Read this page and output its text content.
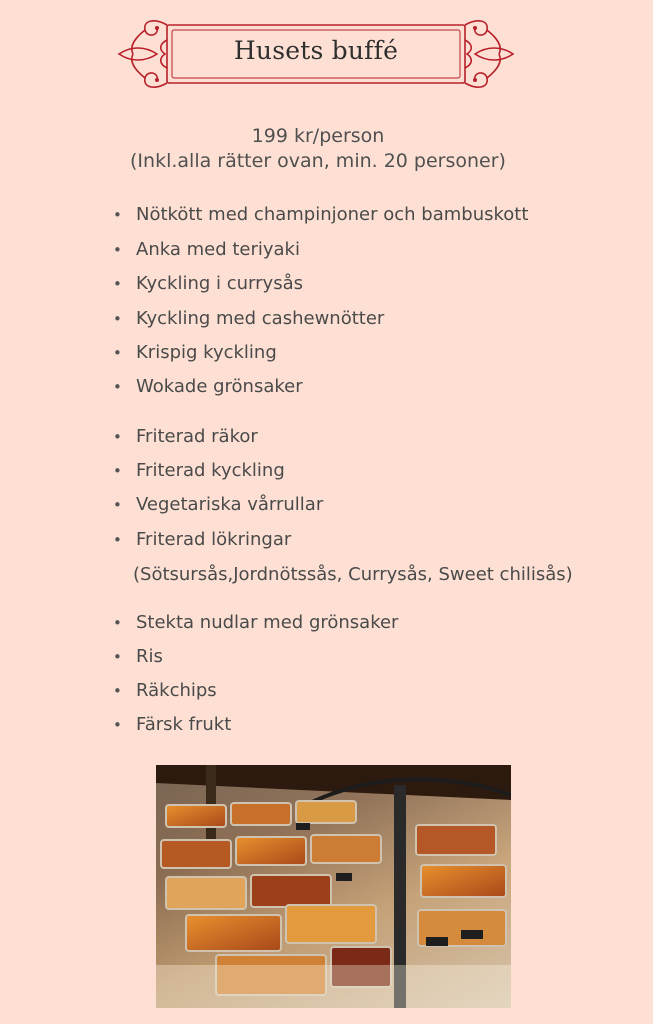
Husets buffé
199 kr/person
(Inkl.alla rätter ovan, min. 20 personer)
• Nötkött med champinjoner och bambuskott
• Anka med teriyaki
• Kyckling i currysås
• Kyckling med cashewnötter
• Krispig kyckling
• Wokade grönsaker
• Friterad räkor
• Friterad kyckling
• Vegetariska vårrullar
• Friterad lökringar
• Stekta nudlar med grönsaker
• Ris
• Räkchips
• Färsk frukt
(Sötsursås,Jordnötssås, Currysås, Sweet chilisås)
